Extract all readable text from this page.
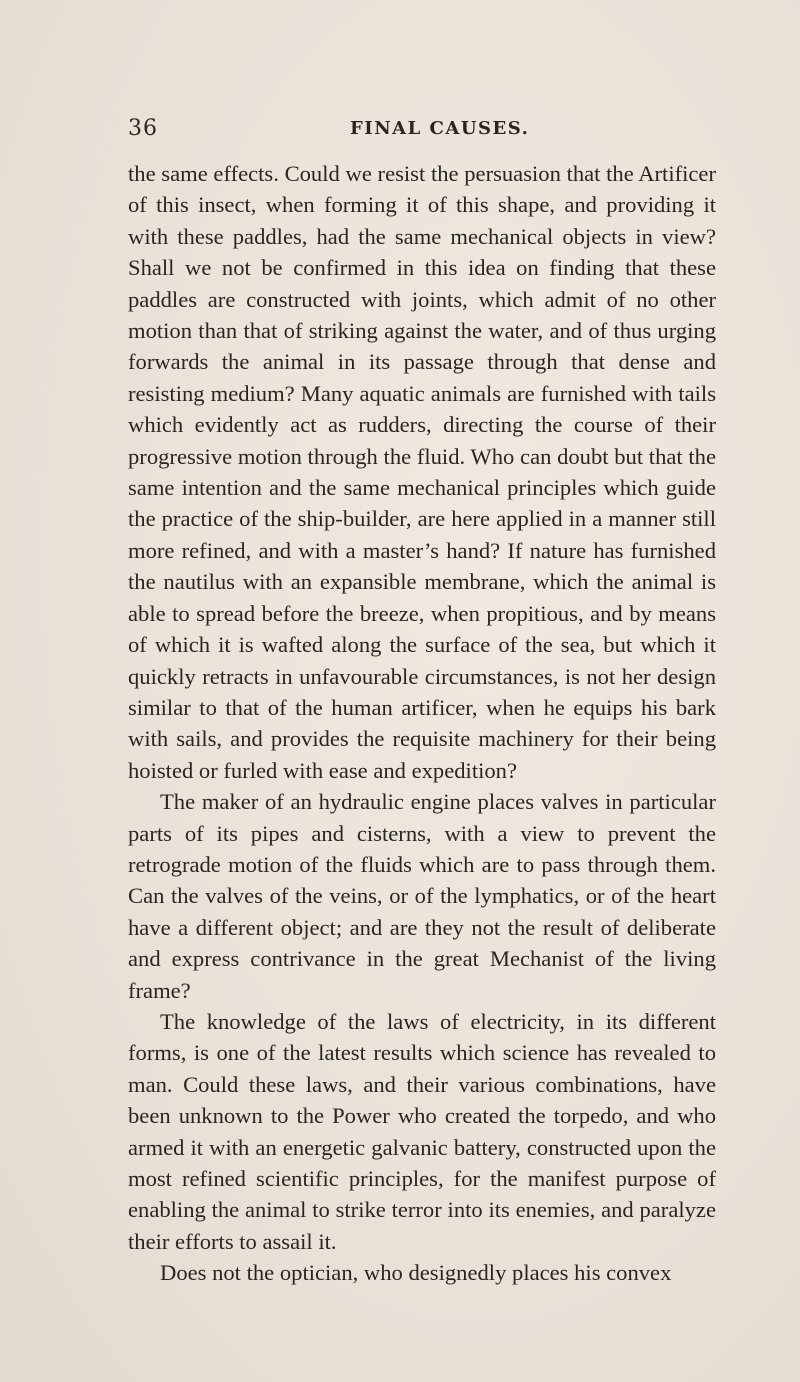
36	FINAL CAUSES.

the same effects. Could we resist the persuasion that the Artificer of this insect, when forming it of this shape, and providing it with these paddles, had the same mechanical objects in view? Shall we not be confirmed in this idea on finding that these paddles are constructed with joints, which admit of no other motion than that of striking against the water, and of thus urging forwards the animal in its passage through that dense and resisting medium? Many aquatic animals are furnished with tails which evidently act as rudders, directing the course of their progressive motion through the fluid. Who can doubt but that the same intention and the same mechanical principles which guide the practice of the ship-builder, are here applied in a manner still more refined, and with a master’s hand? If nature has furnished the nautilus with an expansible membrane, which the animal is able to spread before the breeze, when propitious, and by means of which it is wafted along the surface of the sea, but which it quickly retracts in unfavourable circumstances, is not her design similar to that of the human artificer, when he equips his bark with sails, and provides the requisite machinery for their being hoisted or furled with ease and expedition?

The maker of an hydraulic engine places valves in particular parts of its pipes and cisterns, with a view to prevent the retrograde motion of the fluids which are to pass through them. Can the valves of the veins, or of the lymphatics, or of the heart have a different object; and are they not the result of deliberate and express contrivance in the great Mechanist of the living frame?

The knowledge of the laws of electricity, in its different forms, is one of the latest results which science has revealed to man. Could these laws, and their various combinations, have been unknown to the Power who created the torpedo, and who armed it with an energetic galvanic battery, constructed upon the most refined scientific principles, for the manifest purpose of enabling the animal to strike terror into its enemies, and paralyze their efforts to assail it.

Does not the optician, who designedly places his convex
